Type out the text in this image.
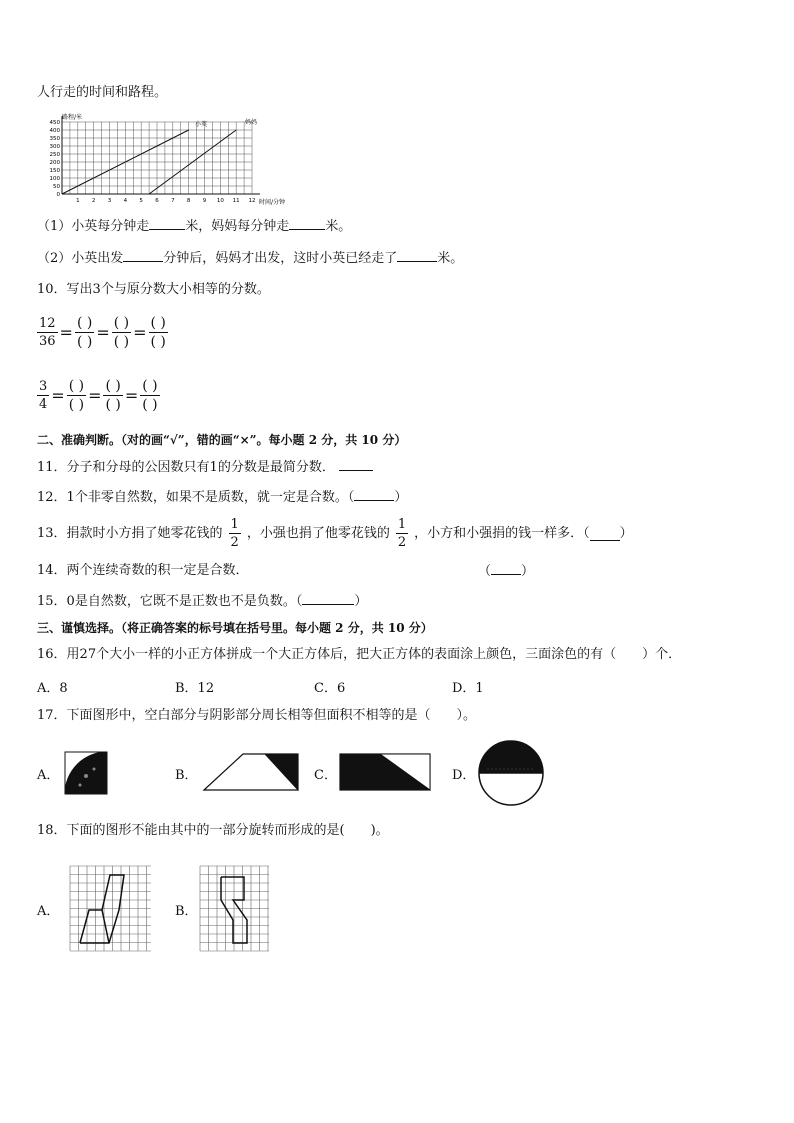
人行走的时间和路程。
450
400
350
300
250
200
150
100
50
0
1 2 3 4 5 6 7 8 9 10 11 12
路程/米
时间/分钟
小英	妈妈
（1）小英每分钟走	米，妈妈每分钟走	米。
（2）小英出发	分钟后，妈妈才出发，这时小英已经走了	米。
10．写出3个与原分数大小相等的分数。
$\frac{12}{36}$ = ( )
( ) = ( )
( ) = ( )
( )
$\frac{3}{4}$ = ( )
( ) = ( )
( ) = ( )
( )
二、准确判断。（对的画“√”，错的画“×”。每小题 2 分，共 10 分）
11．分子和分母的公因数只有1的分数是最简分数．
12．1个非零自然数，如果不是质数，就一定是合数。（	）
13．捐款时小方捐了她零花钱的 $\frac{1}{2}$ ，小强也捐了他零花钱的 $\frac{1}{2}$ ，小方和小强捐的钱一样多．（ ）
14．两个连续奇数的积一定是合数．	（ ）
15．0是自然数，它既不是正数也不是负数。（	）
三、谨慎选择。（将正确答案的标号填在括号里。每小题 2 分，共 10 分）
16．用27个大小一样的小正方体拼成一个大正方体后，把大正方体的表面涂上颜色，三面涂色的有（　　）个．
A．8	B．12	C．6	D．1
17．下面图形中，空白部分与阴影部分周长相等但面积不相等的是（　　）。
A．	B．	C．	D．
18．下面的图形不能由其中的一部分旋转而形成的是(　　)。
A．	B．
